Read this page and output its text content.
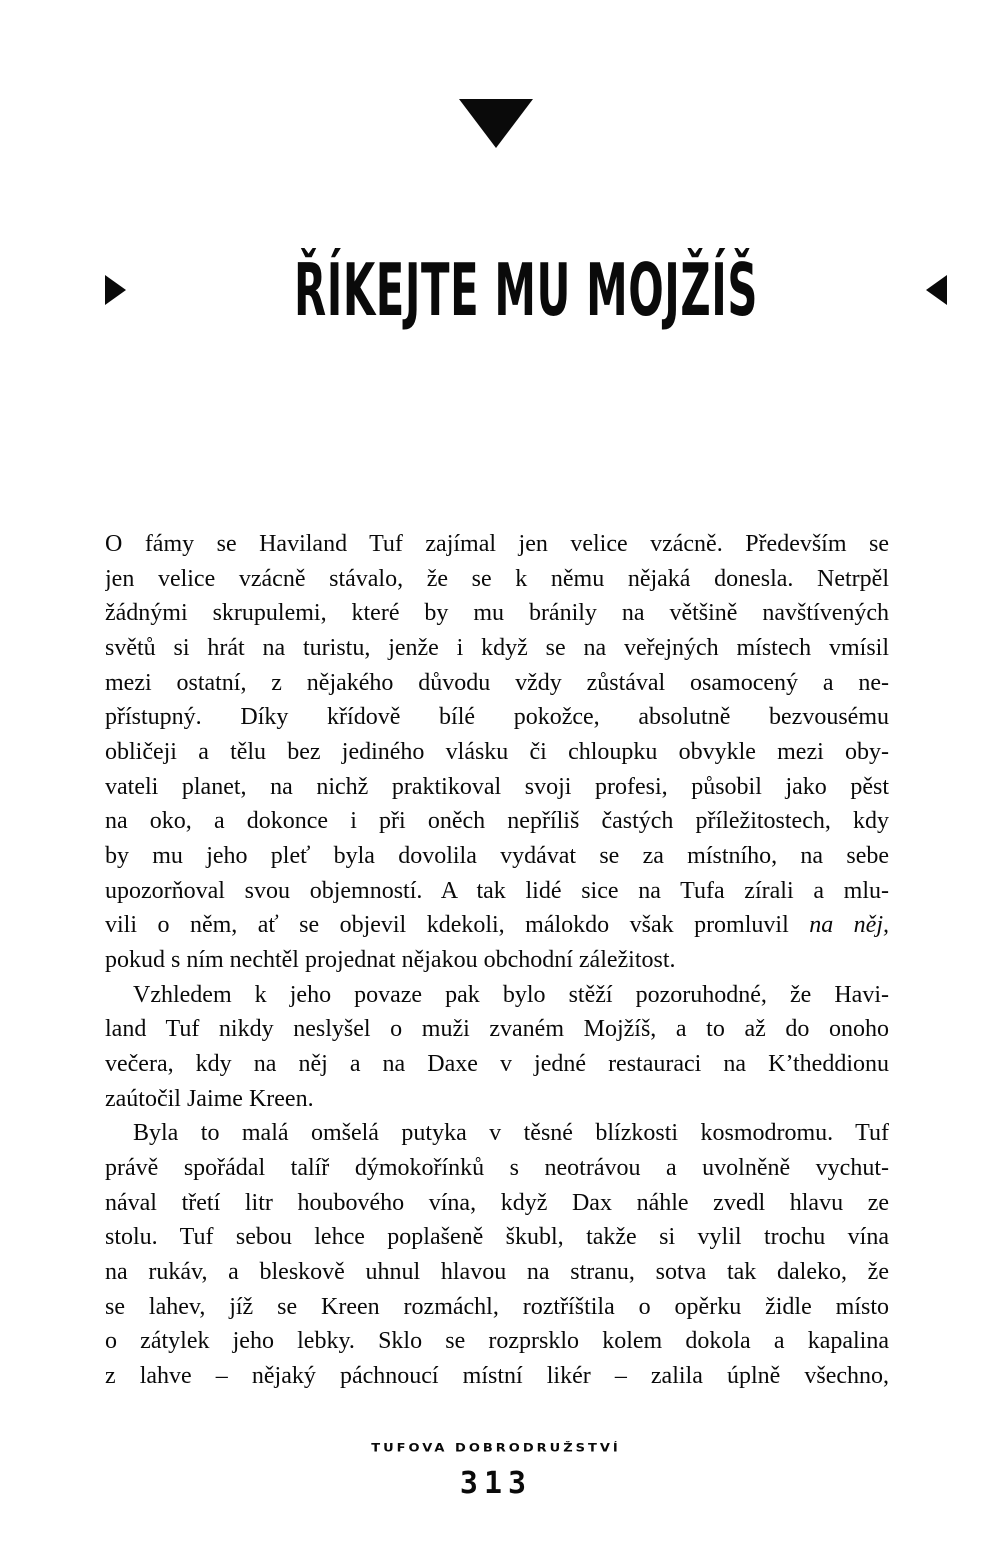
ŘÍKEJTE MU MOJŽÍŠ
O fámy se Haviland Tuf zajímal jen velice vzácně. Především se
jen velice vzácně stávalo, že se k němu nějaká donesla. Netrpěl
žádnými skrupulemi, které by mu bránily na většině navštívených
světů si hrát na turistu, jenže i když se na veřejných místech vmísil
mezi ostatní, z nějakého důvodu vždy zůstával osamocený a ne-
přístupný. Díky křídově bílé pokožce, absolutně bezvousému
obličeji a tělu bez jediného vlásku či chloupku obvykle mezi oby-
vateli planet, na nichž praktikoval svoji profesi, působil jako pěst
na oko, a dokonce i při oněch nepříliš častých příležitostech, kdy
by mu jeho pleť byla dovolila vydávat se za místního, na sebe
upozorňoval svou objemností. A tak lidé sice na Tufa zírali a mlu-
vili o něm, ať se objevil kdekoli, málokdo však promluvil na něj,
pokud s ním nechtěl projednat nějakou obchodní záležitost.
Vzhledem k jeho povaze pak bylo stěží pozoruhodné, že Havi-
land Tuf nikdy neslyšel o muži zvaném Mojžíš, a to až do onoho
večera, kdy na něj a na Daxe v jedné restauraci na K’theddionu
zaútočil Jaime Kreen.
Byla to malá omšelá putyka v těsné blízkosti kosmodromu. Tuf
právě spořádal talíř dýmokořínků s neotrávou a uvolněně vychut-
nával třetí litr houbového vína, když Dax náhle zvedl hlavu ze
stolu. Tuf sebou lehce poplašeně škubl, takže si vylil trochu vína
na rukáv, a bleskově uhnul hlavou na stranu, sotva tak daleko, že
se lahev, jíž se Kreen rozmáchl, roztříštila o opěrku židle místo
o zátylek jeho lebky. Sklo se rozprsklo kolem dokola a kapalina
z lahve – nějaký páchnoucí místní likér – zalila úplně všechno,
TUFOVA DOBRODRUŽSTVÍ
313
